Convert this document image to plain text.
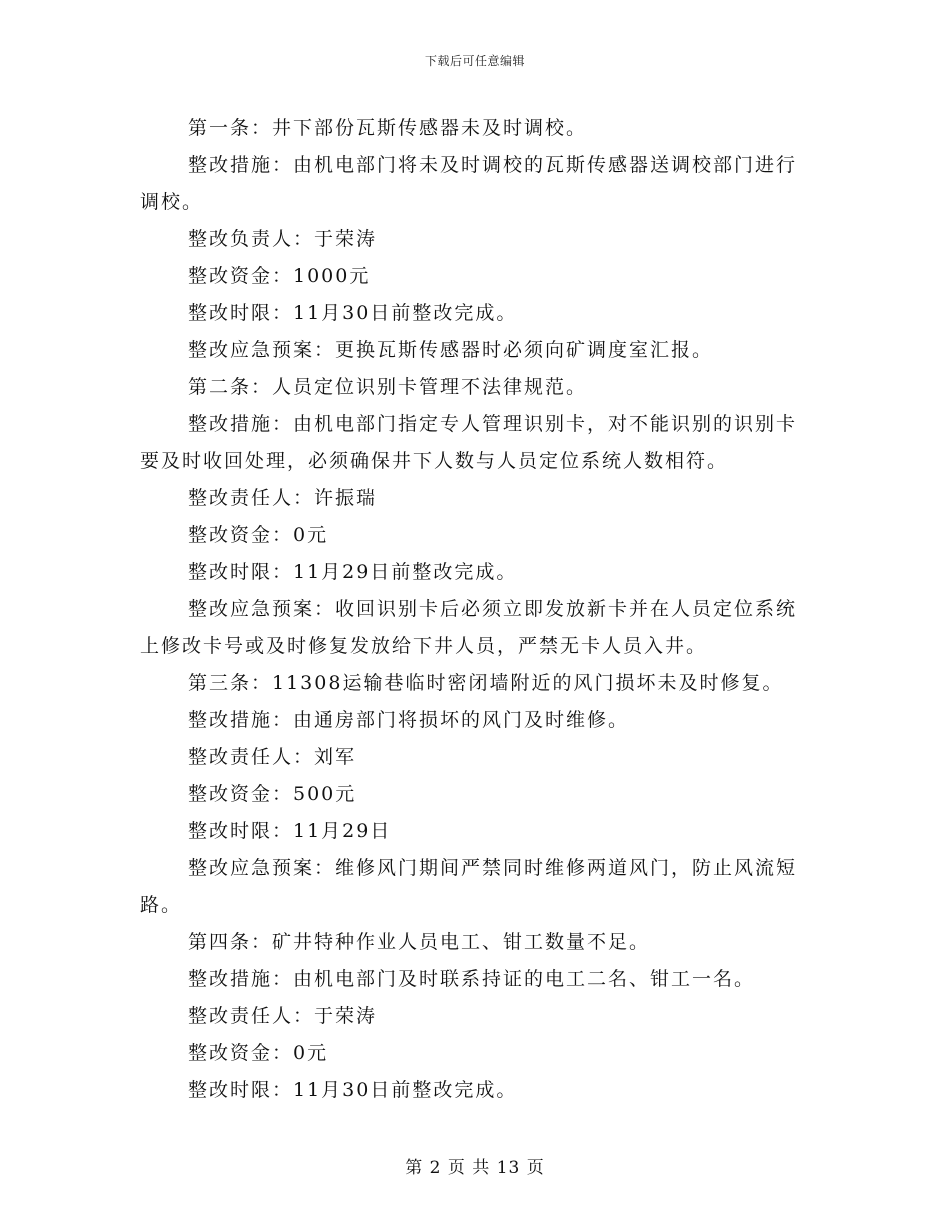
下载后可任意编辑

第一条：井下部份瓦斯传感器未及时调校。

整改措施：由机电部门将未及时调校的瓦斯传感器送调校部门进行调校。

整改负责人：于荣涛

整改资金：1000元

整改时限：11月30日前整改完成。

整改应急预案：更换瓦斯传感器时必须向矿调度室汇报。

第二条：人员定位识别卡管理不法律规范。

整改措施：由机电部门指定专人管理识别卡，对不能识别的识别卡要及时收回处理，必须确保井下人数与人员定位系统人数相符。

整改责任人：许振瑞

整改资金：0元

整改时限：11月29日前整改完成。

整改应急预案：收回识别卡后必须立即发放新卡并在人员定位系统上修改卡号或及时修复发放给下井人员，严禁无卡人员入井。

第三条：11308运输巷临时密闭墙附近的风门损坏未及时修复。

整改措施：由通房部门将损坏的风门及时维修。

整改责任人：刘军

整改资金：500元

整改时限：11月29日

整改应急预案：维修风门期间严禁同时维修两道风门，防止风流短路。

第四条：矿井特种作业人员电工、钳工数量不足。

整改措施：由机电部门及时联系持证的电工二名、钳工一名。

整改责任人：于荣涛

整改资金：0元

整改时限：11月30日前整改完成。

第 2 页 共 13 页
